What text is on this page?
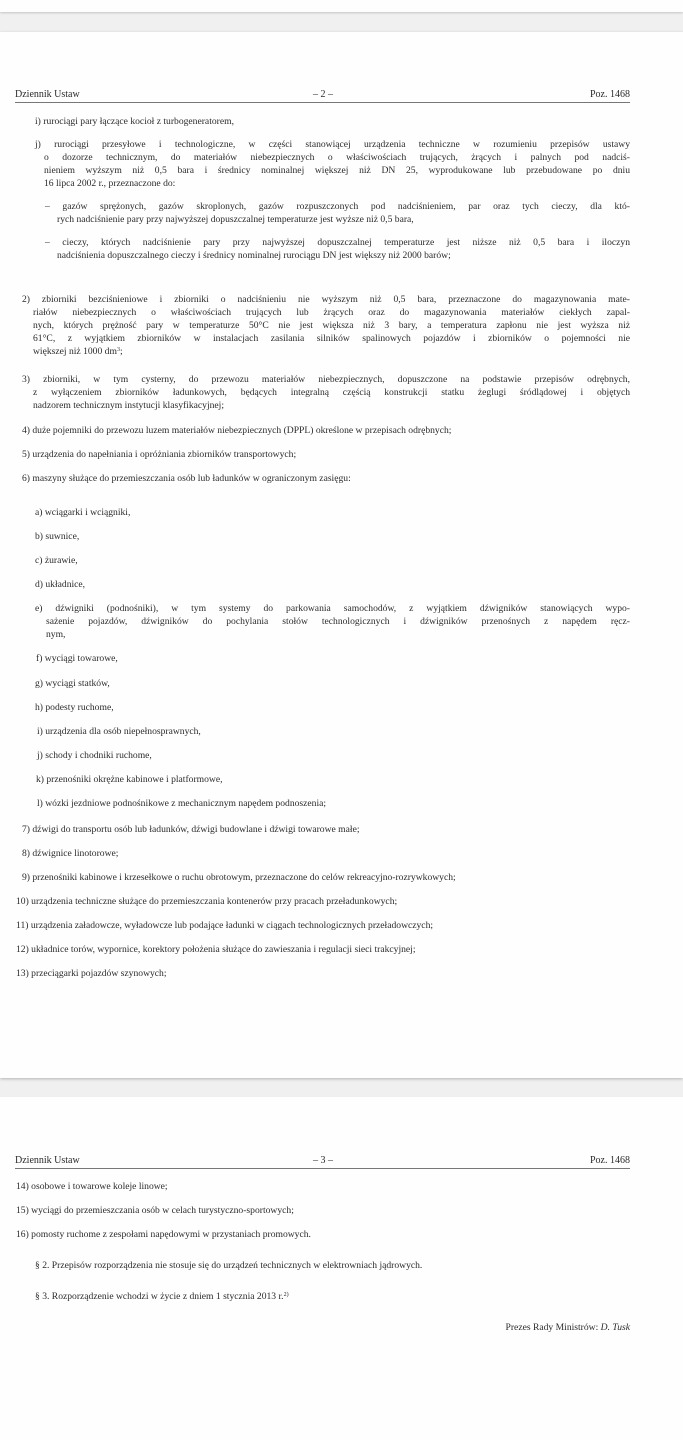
Dziennik Ustaw	– 2 –	Poz. 1468
i) rurociągi pary łączące kocioł z turbogeneratorem,
j) rurociągi przesyłowe i technologiczne, w części stanowiącej urządzenia techniczne w rozumieniu przepisów ustawy
o dozorze technicznym, do materiałów niebezpiecznych o właściwościach trujących, żrących i palnych pod nadciś-
nieniem wyższym niż 0,5 bara i średnicy nominalnej większej niż DN 25, wyprodukowane lub przebudowane po dniu
16 lipca 2002 r., przeznaczone do:
– gazów sprężonych, gazów skroplonych, gazów rozpuszczonych pod nadciśnieniem, par oraz tych cieczy, dla któ-
rych nadciśnienie pary przy najwyższej dopuszczalnej temperaturze jest wyższe niż 0,5 bara,
– cieczy, których nadciśnienie pary przy najwyższej dopuszczalnej temperaturze jest niższe niż 0,5 bara i iloczyn
nadciśnienia dopuszczalnego cieczy i średnicy nominalnej rurociągu DN jest większy niż 2000 barów;
2) zbiorniki bezciśnieniowe i zbiorniki o nadciśnieniu nie wyższym niż 0,5 bara, przeznaczone do magazynowania mate-
riałów niebezpiecznych o właściwościach trujących lub żrących oraz do magazynowania materiałów ciekłych zapal-
nych, których prężność pary w temperaturze 50°C nie jest większa niż 3 bary, a temperatura zapłonu nie jest wyższa niż
61°C, z wyjątkiem zbiorników w instalacjach zasilania silników spalinowych pojazdów i zbiorników o pojemności nie
większej niż 1000 $dm^3$;
3) zbiorniki, w tym cysterny, do przewozu materiałów niebezpiecznych, dopuszczone na podstawie przepisów odrębnych,
z wyłączeniem zbiorników ładunkowych, będących integralną częścią konstrukcji statku żeglugi śródlądowej i objętych
nadzorem technicznym instytucji klasyfikacyjnej;
4) duże pojemniki do przewozu luzem materiałów niebezpiecznych (DPPL) określone w przepisach odrębnych;
5) urządzenia do napełniania i opróżniania zbiorników transportowych;
6) maszyny służące do przemieszczania osób lub ładunków w ograniczonym zasięgu:
a) wciągarki i wciągniki,
b) suwnice,
c) żurawie,
d) układnice,
e) dźwigniki (podnośniki), w tym systemy do parkowania samochodów, z wyjątkiem dźwigników stanowiących wypo-
sażenie pojazdów, dźwigników do pochylania stołów technologicznych i dźwigników przenośnych z napędem ręcz-
nym,
f) wyciągi towarowe,
g) wyciągi statków,
h) podesty ruchome,
i) urządzenia dla osób niepełnosprawnych,
j) schody i chodniki ruchome,
k) przenośniki okrężne kabinowe i platformowe,
l) wózki jezdniowe podnośnikowe z mechanicznym napędem podnoszenia;
7) dźwigi do transportu osób lub ładunków, dźwigi budowlane i dźwigi towarowe małe;
8) dźwignice linotorowe;
9) przenośniki kabinowe i krzesełkowe o ruchu obrotowym, przeznaczone do celów rekreacyjno-rozrywkowych;
10) urządzenia techniczne służące do przemieszczania kontenerów przy pracach przeładunkowych;
11) urządzenia załadowcze, wyładowcze lub podające ładunki w ciągach technologicznych przeładowczych;
12) układnice torów, wypornice, korektory położenia służące do zawieszania i regulacji sieci trakcyjnej;
13) przeciągarki pojazdów szynowych;
Dziennik Ustaw	– 3 –	Poz. 1468
14) osobowe i towarowe koleje linowe;
15) wyciągi do przemieszczania osób w celach turystyczno-sportowych;
16) pomosty ruchome z zespołami napędowymi w przystaniach promowych.
§ 2. Przepisów rozporządzenia nie stosuje się do urządzeń technicznych w elektrowniach jądrowych.
§ 3. Rozporządzenie wchodzi w życie z dniem 1 stycznia 2013 r.$^{2)}$
Prezes Rady Ministrów: D. Tusk
